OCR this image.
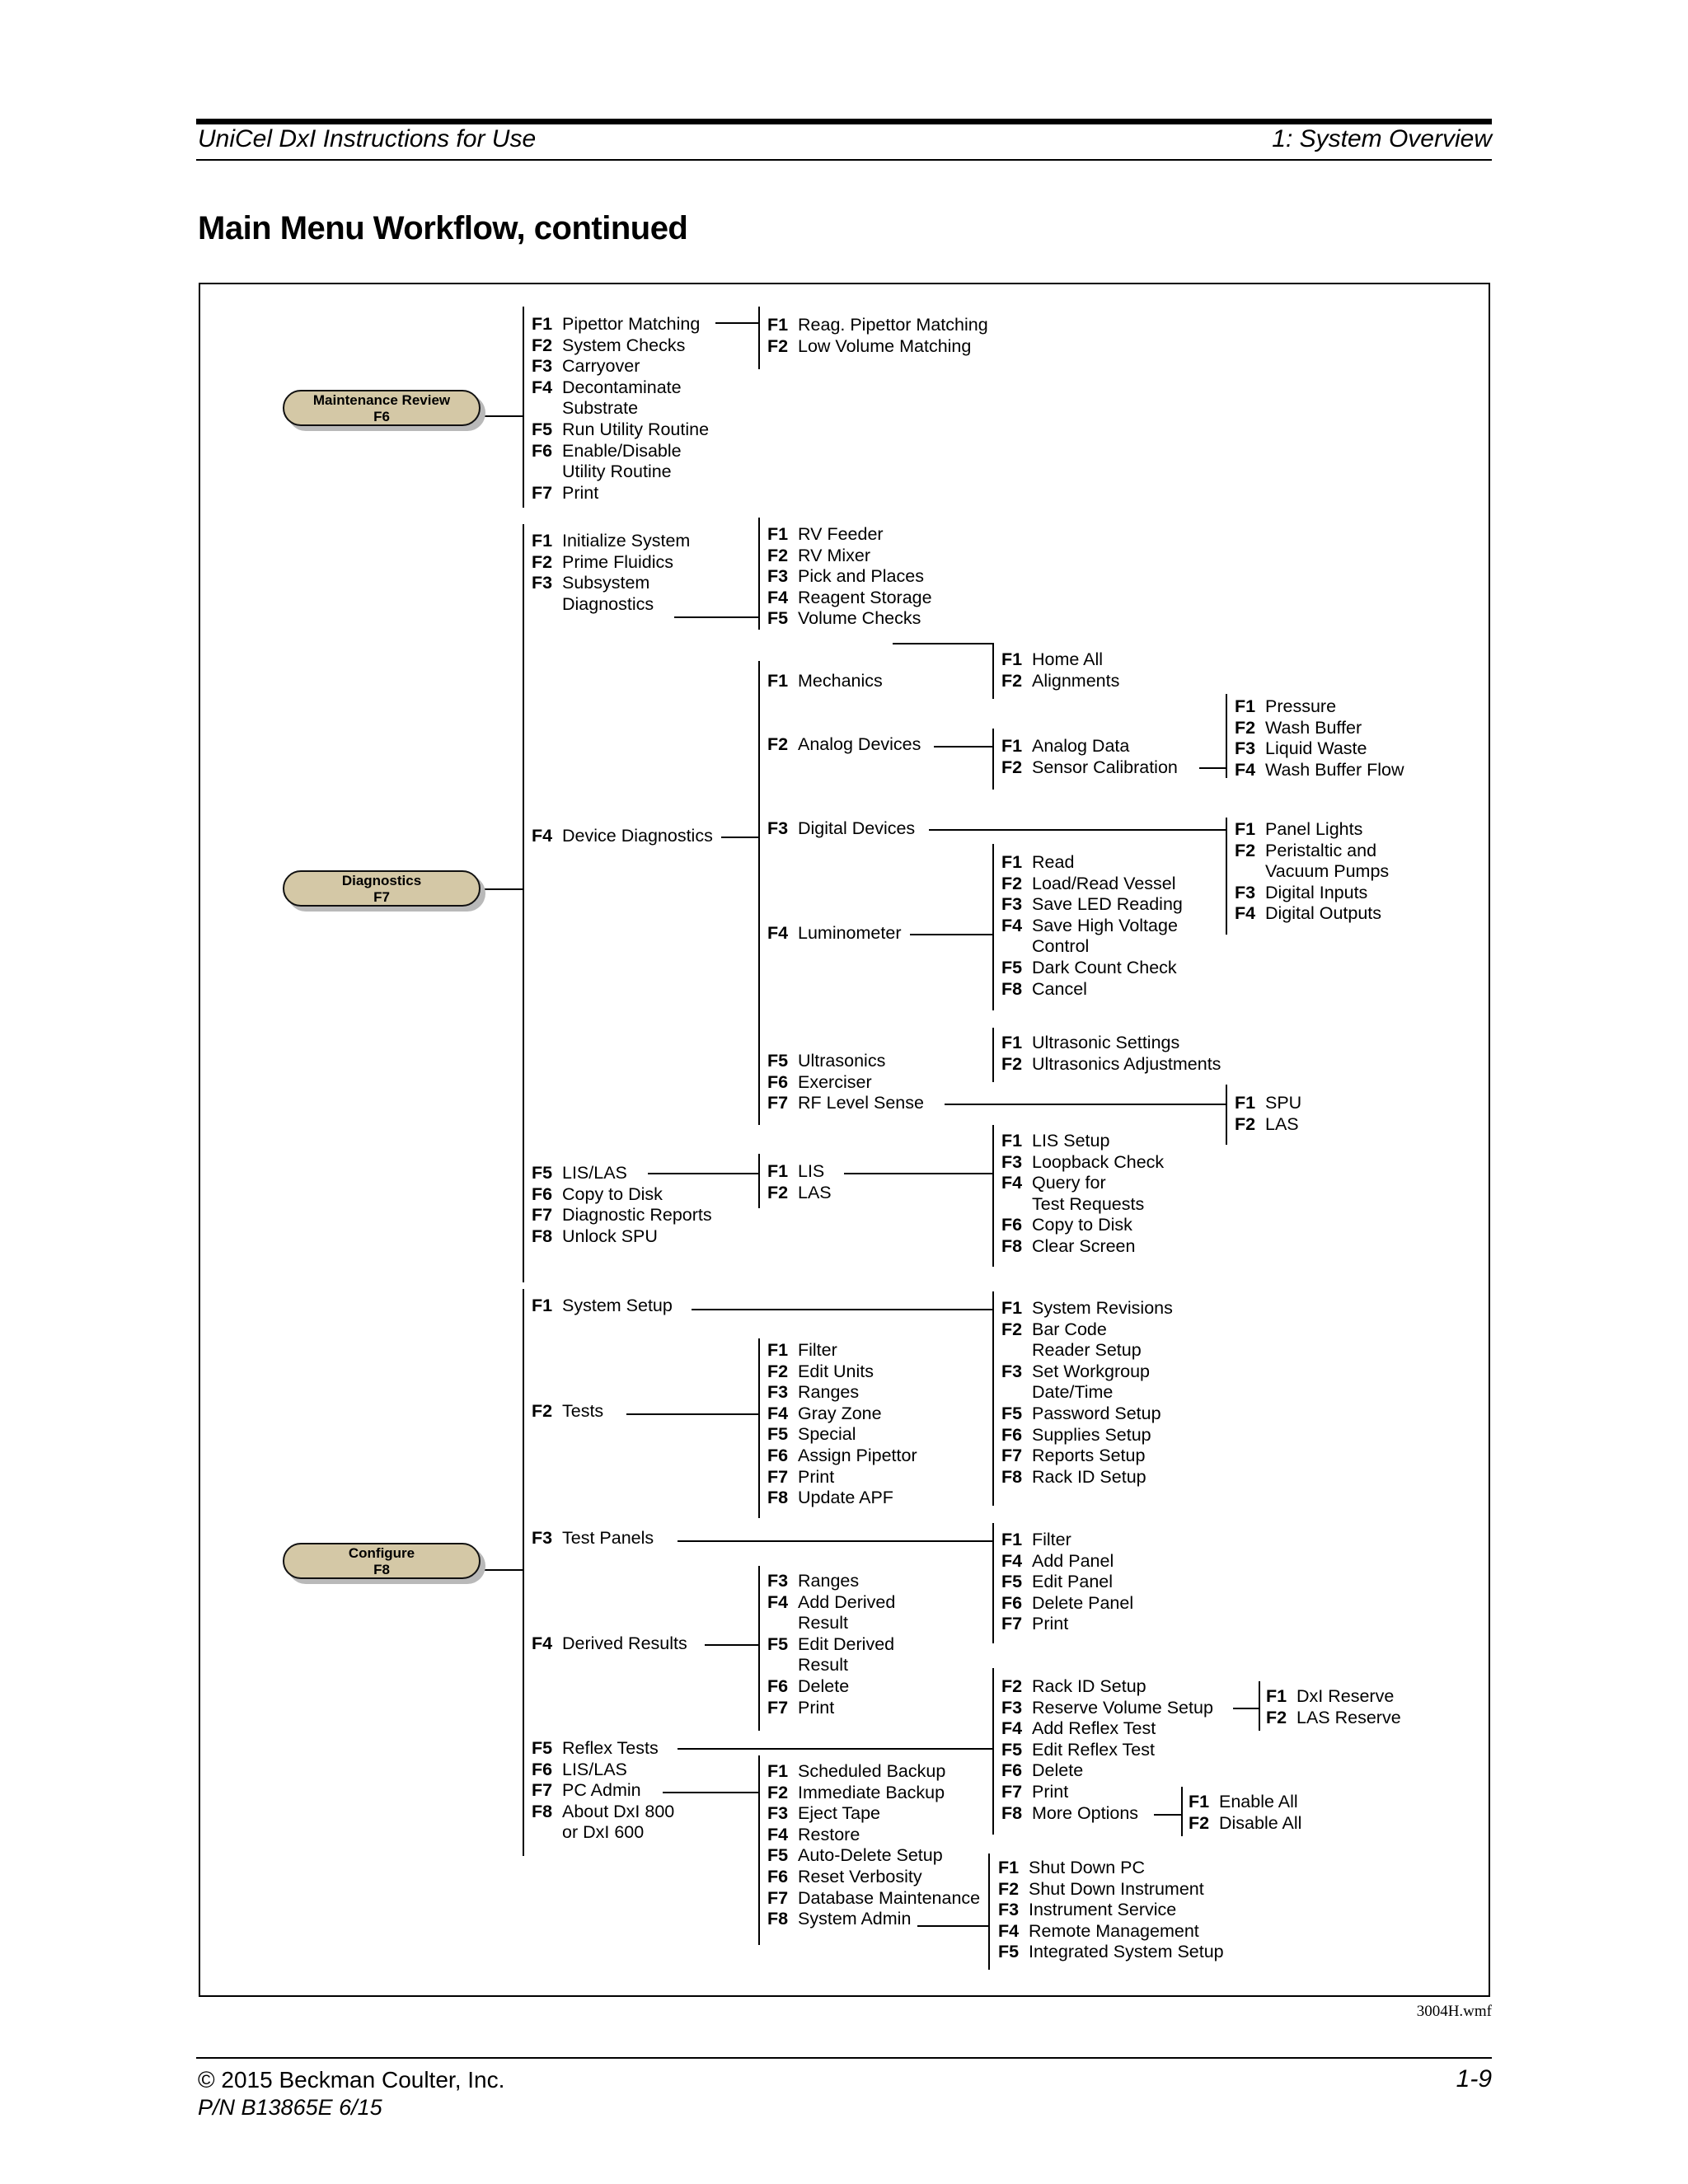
UniCel DxI Instructions for Use	1: System Overview
Main Menu Workflow, continued
Maintenance Review
F6
Diagnostics
F7
Configure
F8
F1 Pipettor Matching
F2 System Checks
F3 Carryover
F4 Decontaminate
Substrate
F5 Run Utility Routine
F6 Enable/Disable
Utility Routine
F7 Print
F1 Reag. Pipettor Matching
F2 Low Volume Matching
F1 Initialize System
F2 Prime Fluidics
F3 Subsystem
Diagnostics
F1 RV Feeder
F2 RV Mixer
F3 Pick and Places
F4 Reagent Storage
F5 Volume Checks
F4 Device Diagnostics
F1 Mechanics
F1 Home All
F2 Alignments
F2 Analog Devices	F1 Analog Data
F2 Sensor Calibration
F1 Pressure
F2 Wash Buffer
F3 Liquid Waste
F4 Wash Buffer Flow
F3 Digital Devices	F1 Panel Lights
F2 Peristaltic and
Vacuum Pumps
F3 Digital Inputs
F4 Digital Outputs
F4 Luminometer
F1 Read
F2 Load/Read Vessel
F3 Save LED Reading
F4 Save High Voltage
Control
F5 Dark Count Check
F8 Cancel
F5 Ultrasonics
F6 Exerciser
F7 RF Level Sense
F1 Ultrasonic Settings
F2 Ultrasonics Adjustments
F1 SPU
F2 LAS
F5 LIS/LAS
F6 Copy to Disk
F7 Diagnostic Reports
F8 Unlock SPU
F1 LIS
F2 LAS
F1 LIS Setup
F3 Loopback Check
F4 Query for
Test Requests
F6 Copy to Disk
F8 Clear Screen
F1 System Setup	F1 System Revisions
F2 Bar Code
Reader Setup
F3 Set Workgroup
Date/Time
F5 Password Setup
F6 Supplies Setup
F7 Reports Setup
F8 Rack ID Setup
F2 Tests
F1 Filter
F2 Edit Units
F3 Ranges
F4 Gray Zone
F5 Special
F6 Assign Pipettor
F7 Print
F8 Update APF
F3 Test Panels	F1 Filter
F4 Add Panel
F5 Edit Panel
F6 Delete Panel
F7 Print
F4 Derived Results
F3 Ranges
F4 Add Derived
Result
F5 Edit Derived
Result
F6 Delete
F7 Print
F5 Reflex Tests
F6 LIS/LAS
F7 PC Admin
F8 About DxI 800
or DxI 600
F2 Rack ID Setup
F3 Reserve Volume Setup
F4 Add Reflex Test
F5 Edit Reflex Test
F6 Delete
F7 Print
F8 More Options
F1 DxI Reserve
F2 LAS Reserve
F1 Enable All
F2 Disable All
F1 Scheduled Backup
F2 Immediate Backup
F3 Eject Tape
F4 Restore
F5 Auto-Delete Setup
F6 Reset Verbosity
F7 Database Maintenance
F8 System Admin
F1 Shut Down PC
F2 Shut Down Instrument
F3 Instrument Service
F4 Remote Management
F5 Integrated System Setup
3004H.wmf
© 2015 Beckman Coulter, Inc.
P/N B13865E 6/15
1-9
